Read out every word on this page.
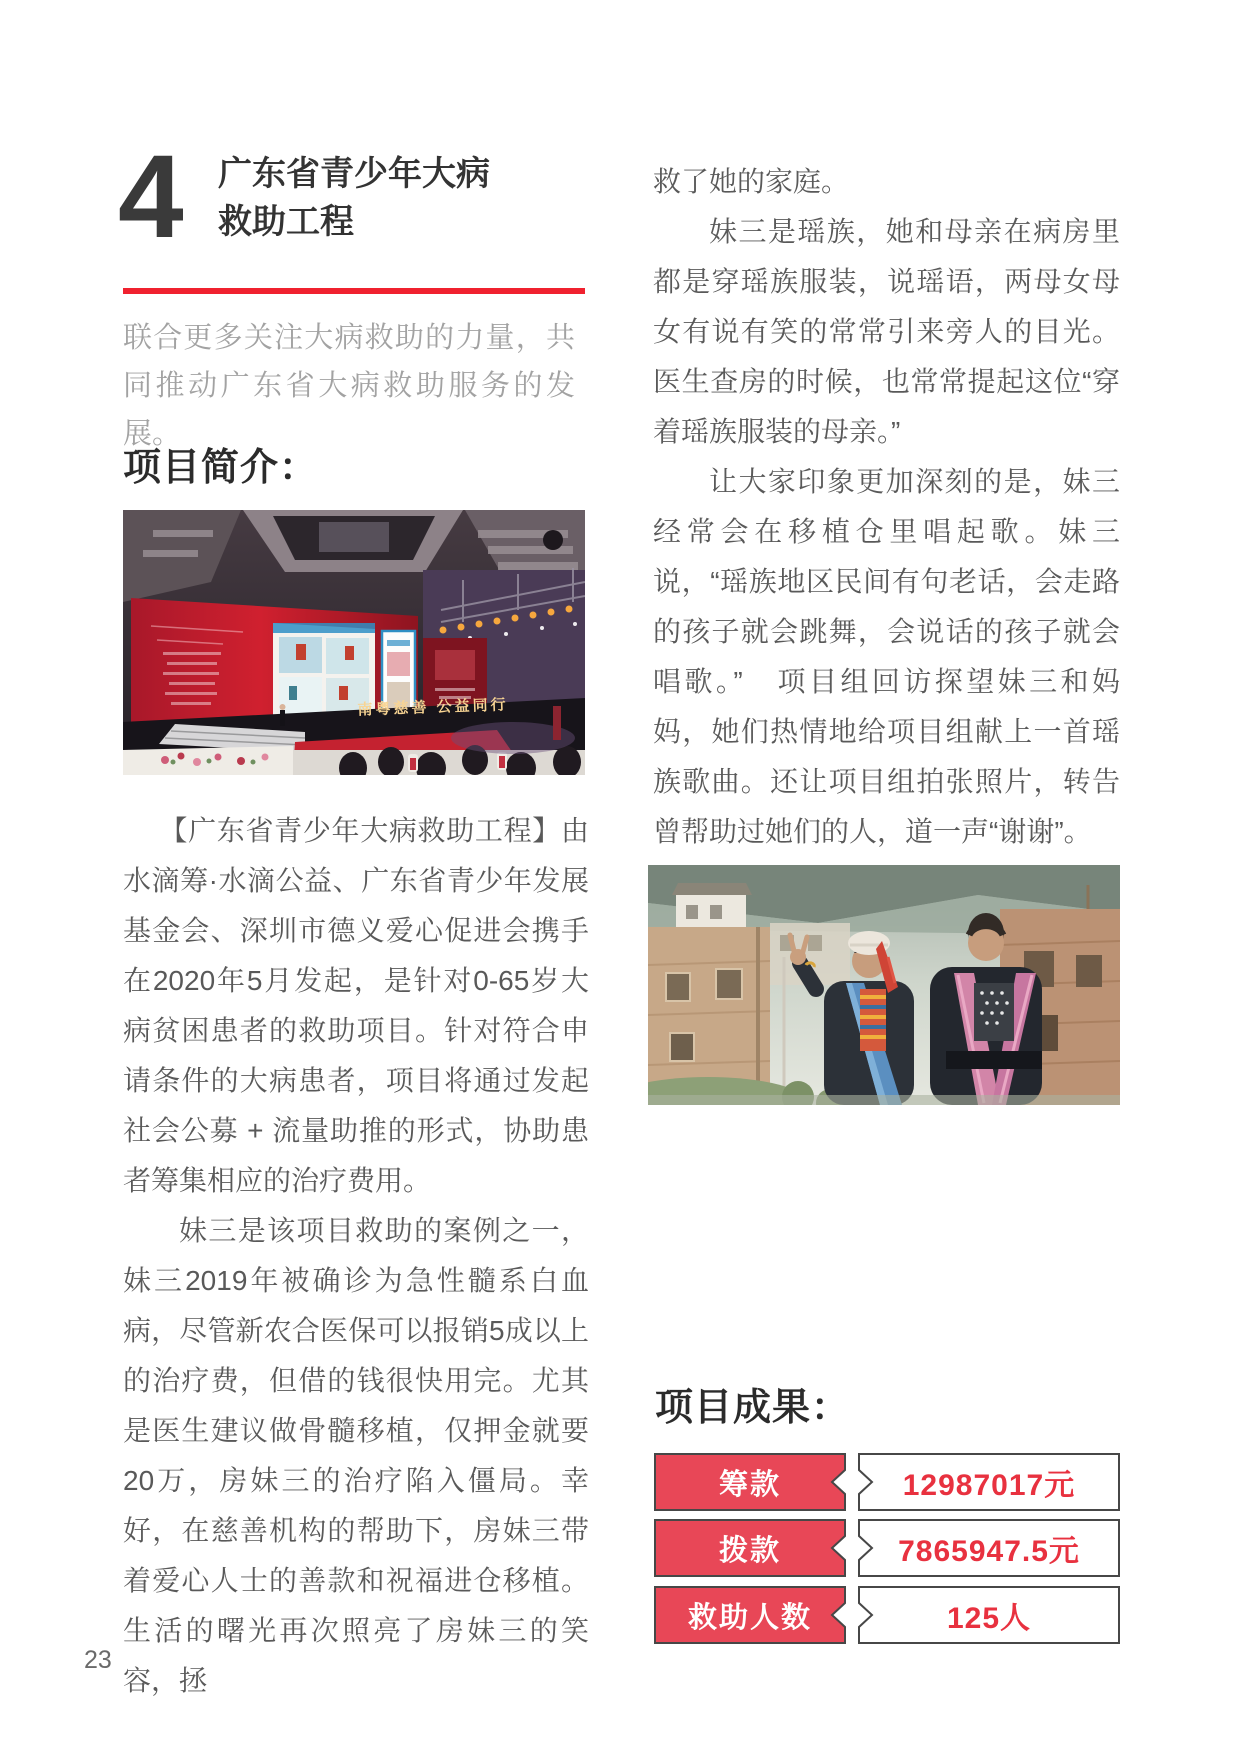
4 广东省青少年大病
救助工程
联合更多关注大病救助的力量，共同推动广东省大病救助服务的发展。
项目简介：
南粤慈善 公益同行

【广东省青少年大病救助工程】由水滴筹·水滴公益、广东省青少年发展基金会、深圳市德义爱心促进会携手在2020年5月发起，是针对0-65岁大病贫困患者的救助项目。针对符合申请条件的大病患者，项目将通过发起社会公募 + 流量助推的形式，协助患者筹集相应的治疗费用。

妹三是该项目救助的案例之一，妹三2019年被确诊为急性髓系白血病，尽管新农合医保可以报销5成以上的治疗费，但借的钱很快用完。尤其是医生建议做骨髓移植，仅押金就要20万，房妹三的治疗陷入僵局。幸好，在慈善机构的帮助下，房妹三带着爱心人士的善款和祝福进仓移植。生活的曙光再次照亮了房妹三的笑容，拯

救了她的家庭。

妹三是瑶族，她和母亲在病房里都是穿瑶族服装，说瑶语，两母女母女有说有笑的常常引来旁人的目光。医生查房的时候，也常常提起这位“穿着瑶族服装的母亲。”

让大家印象更加深刻的是，妹三经常会在移植仓里唱起歌。妹三说，“瑶族地区民间有句老话，会走路的孩子就会跳舞，会说话的孩子就会唱歌。”　项目组回访探望妹三和妈妈，她们热情地给项目组献上一首瑶族歌曲。还让项目组拍张照片，转告曾帮助过她们的人，道一声“谢谢”。

项目成果：
筹款	12987017元
拨款	7865947.5元
救助人数	125人
23
